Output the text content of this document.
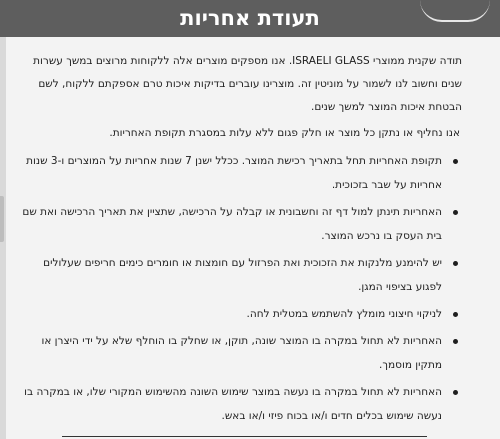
תעודת אחריות

תודה שקנית ממוצרי ISRAELI GLASS. אנו מספקים מוצרים אלה ללקוחות מרוצים במשך עשרות שנים וחשוב לנו לשמור על מוניטין זה. מוצרינו עוברים בדיקות איכות טרם אספקתם ללקוח, לשם הבטחת איכות המוצר למשך שנים.

אנו נחליף או נתקן כל מוצר או חלק פגום ללא עלות במסגרת תקופת האחריות.

תקופת האחריות תחל בתאריך רכישת המוצר. ככלל ישנן 7 שנות אחריות על המוצרים ו-3 שנות אחריות על שבר בזכוכית.
האחריות תינתן למול דף זה וחשבונית או קבלה על הרכישה, שתציין את תאריך הרכישה ואת שם בית העסק בו נרכש המוצר.
יש להימנע מלנקות את הזכוכית ואת הפרזול עם חומצות או חומרים כימים חריפים שעלולים לפגוע בציפוי המגן.
לניקוי חיצוני מומלץ להשתמש במטלית לחה.
האחריות לא תחול במקרה בו המוצר שונה, תוקן, או שחלק בו הוחלף שלא על ידי היצרן או מתקין מוסמך.
האחריות לא תחול במקרה בו נעשה במוצר שימוש השונה מהשימוש המקורי שלו, או במקרה בו נעשה שימוש בכלים חדים ו/או בכוח פיזי ו/או באש.
